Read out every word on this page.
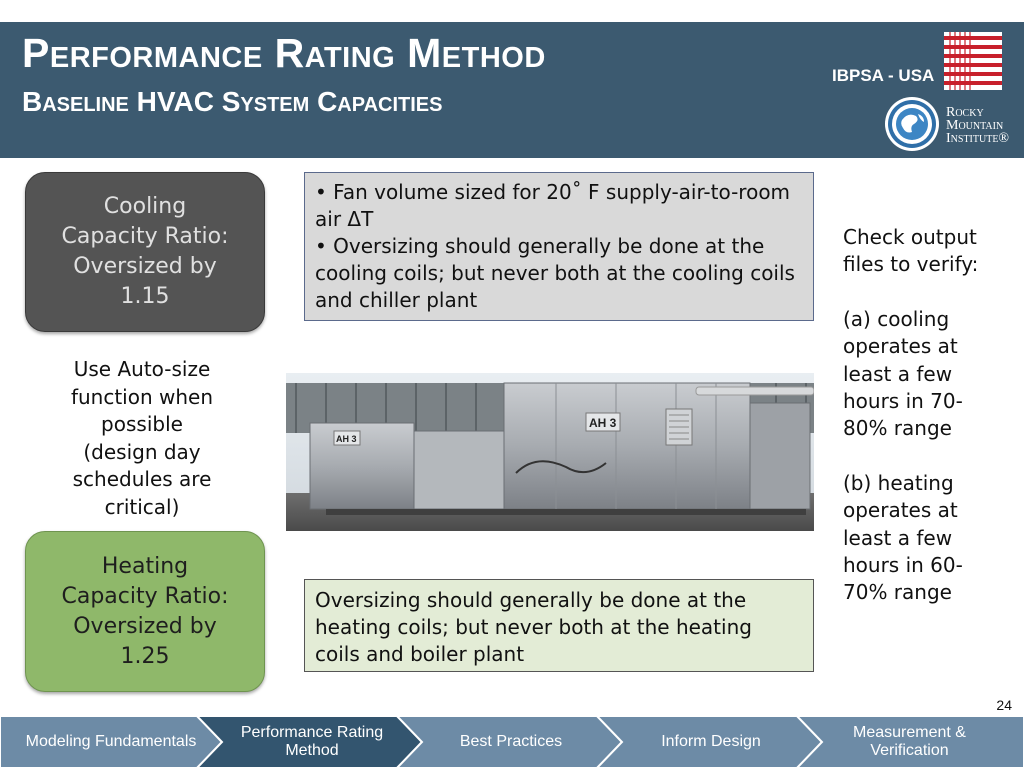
Performance Rating Method
Baseline HVAC System Capacities
IBPSA - USA
Rocky
Mountain
Institute®
Cooling
Capacity Ratio:
Oversized by
1.15
Use Auto-size
function when
possible
(design day
schedules are
critical)
Heating
Capacity Ratio:
Oversized by
1.25
• Fan volume sized for 20˚ F supply-air-to-room air ΔT
• Oversizing should generally be done at the cooling coils; but never both at the cooling coils and chiller plant
AH 3
AH 3
Oversizing should generally be done at the heating coils; but never both at the heating coils and boiler plant
Check output files to verify:
(a) cooling operates at least a few hours in 70-80% range
(b) heating operates at least a few hours in 60-70% range
24
Modeling Fundamentals
Performance Rating Method
Best Practices	Inform Design
Measurement & Verification
